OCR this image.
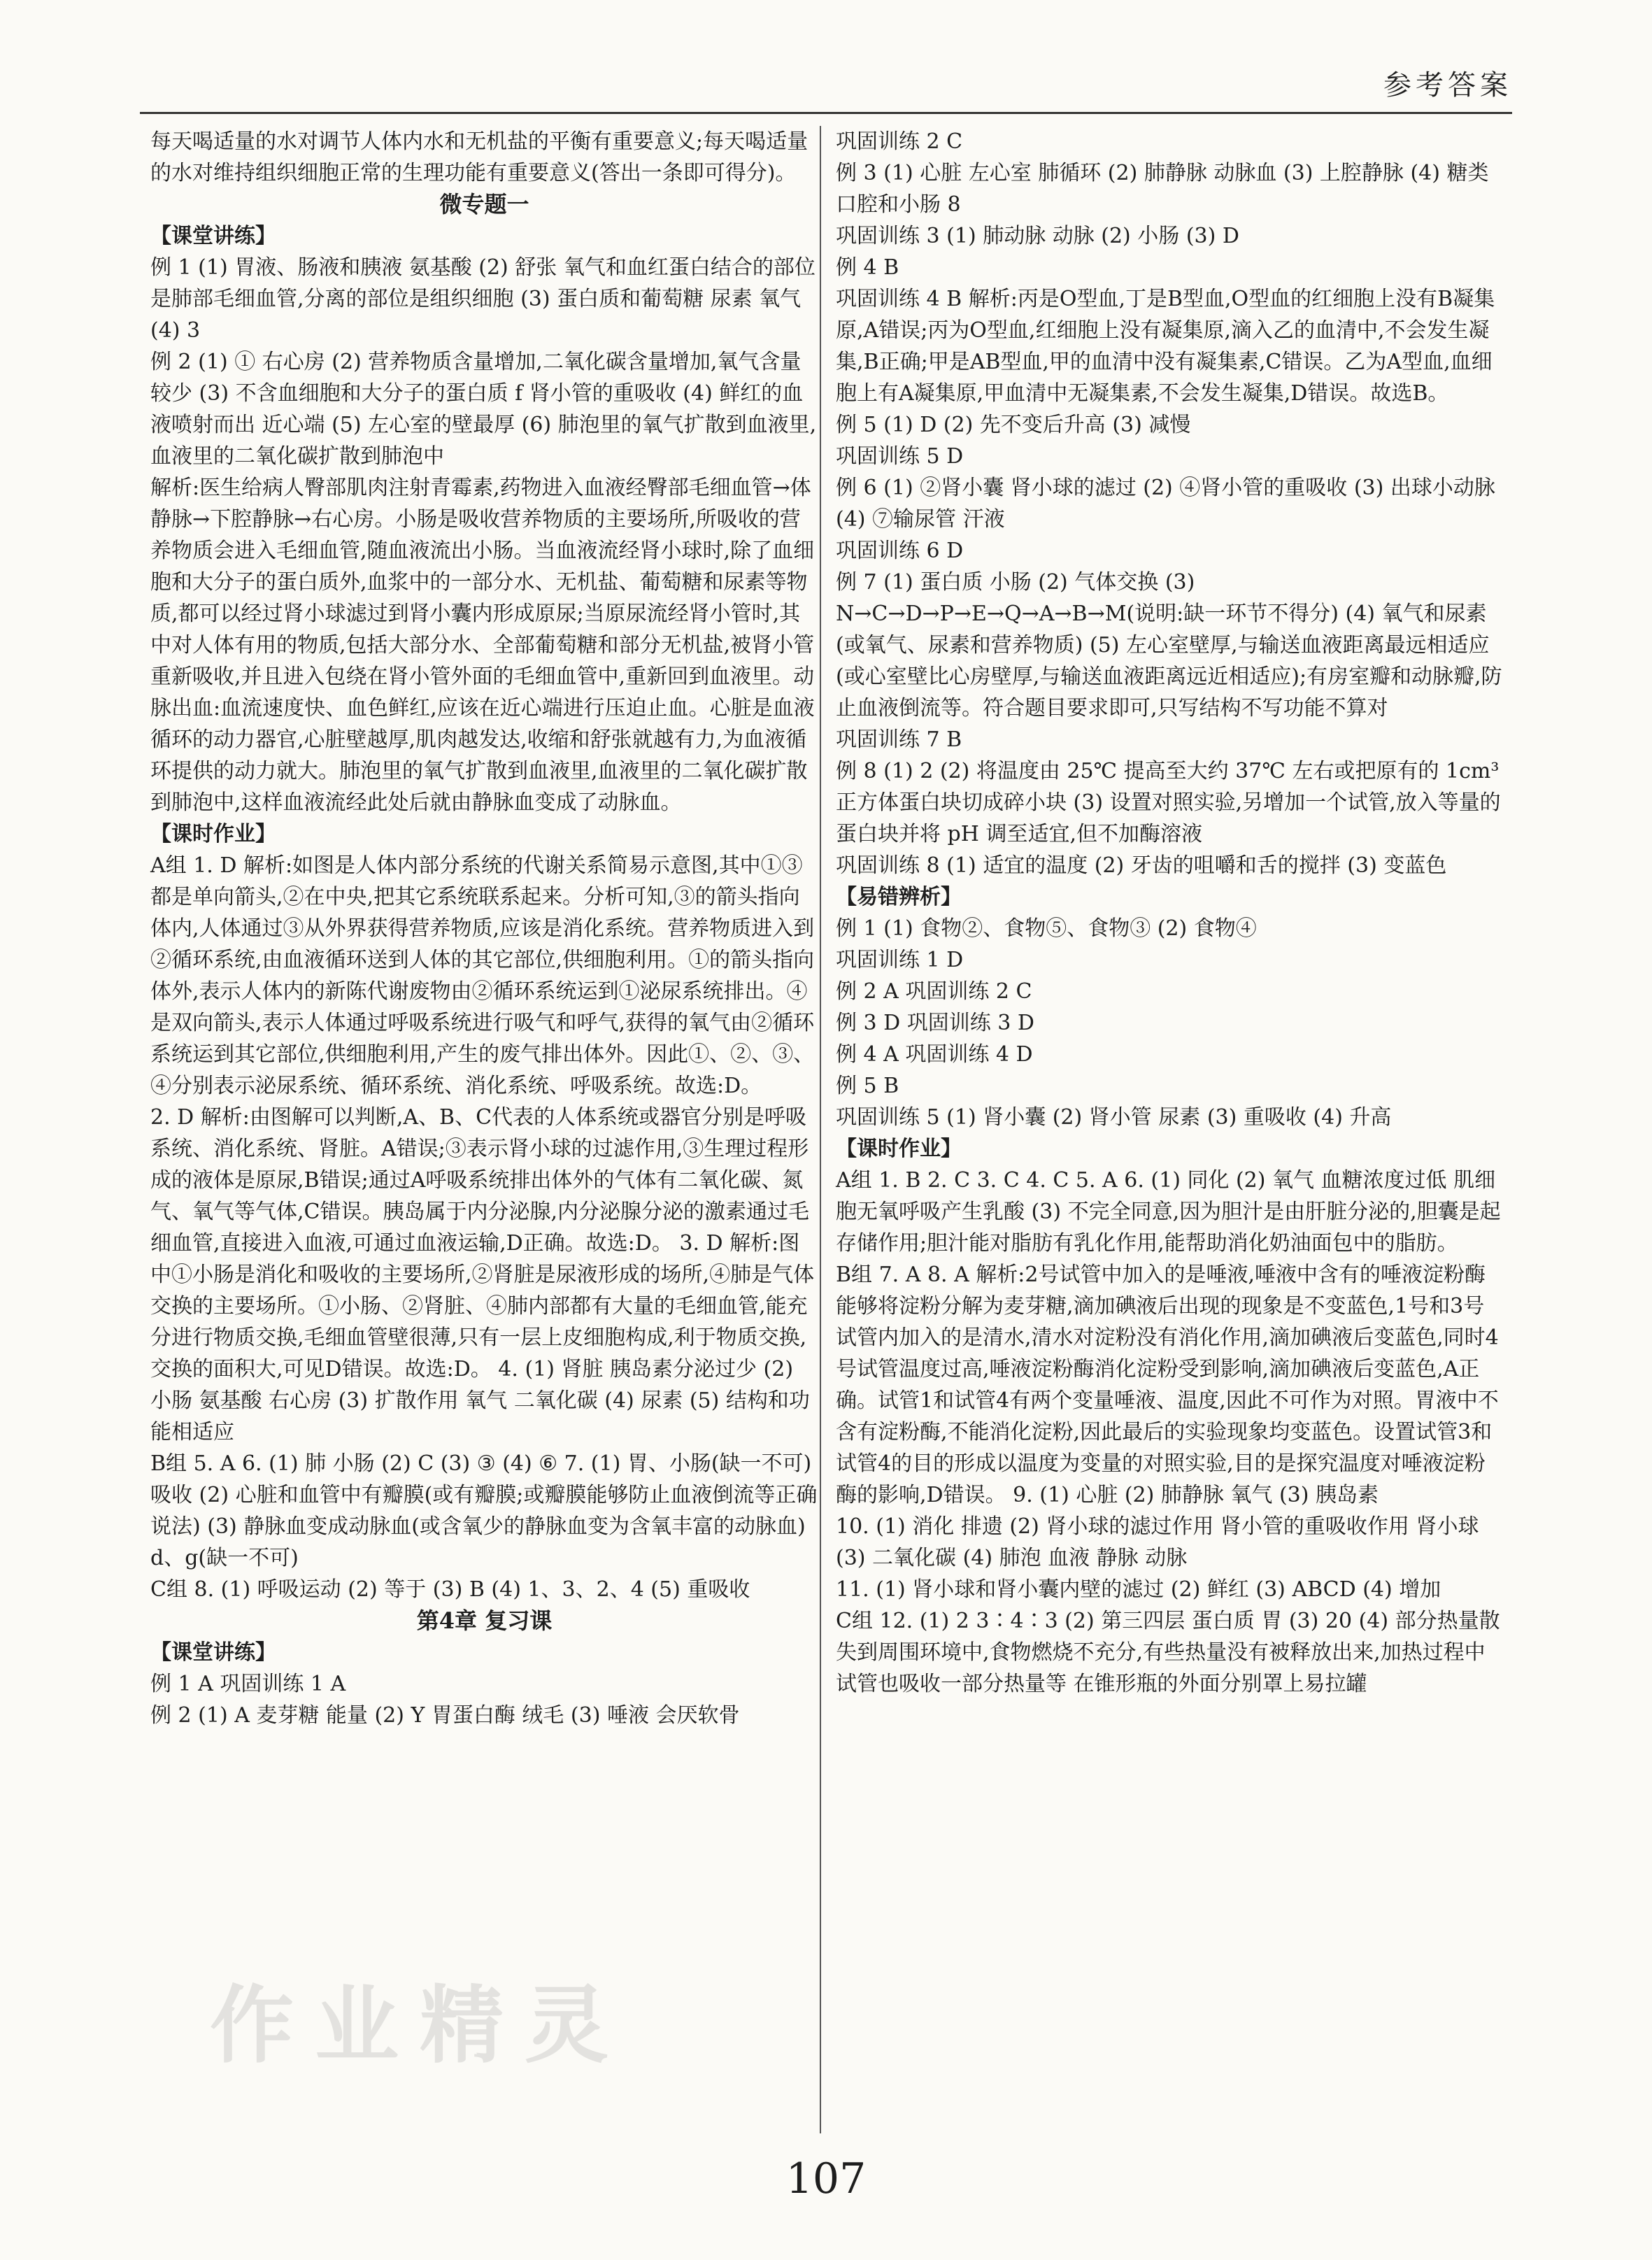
参考答案

每天喝适量的水对调节人体内水和无机盐的平衡有重要意义;每天喝适量的水对维持组织细胞正常的生理功能有重要意义(答出一条即可得分)。

微专题一

【课堂讲练】

例 1 (1) 胃液、肠液和胰液 氨基酸 (2) 舒张 氧气和血红蛋白结合的部位是肺部毛细血管,分离的部位是组织细胞 (3) 蛋白质和葡萄糖 尿素 氧气 (4) 3

例 2 (1) ① 右心房 (2) 营养物质含量增加,二氧化碳含量增加,氧气含量较少 (3) 不含血细胞和大分子的蛋白质 f 肾小管的重吸收 (4) 鲜红的血液喷射而出 近心端 (5) 左心室的壁最厚 (6) 肺泡里的氧气扩散到血液里,血液里的二氧化碳扩散到肺泡中

解析:医生给病人臀部肌肉注射青霉素,药物进入血液经臀部毛细血管→体静脉→下腔静脉→右心房。小肠是吸收营养物质的主要场所,所吸收的营养物质会进入毛细血管,随血液流出小肠。当血液流经肾小球时,除了血细胞和大分子的蛋白质外,血浆中的一部分水、无机盐、葡萄糖和尿素等物质,都可以经过肾小球滤过到肾小囊内形成原尿;当原尿流经肾小管时,其中对人体有用的物质,包括大部分水、全部葡萄糖和部分无机盐,被肾小管重新吸收,并且进入包绕在肾小管外面的毛细血管中,重新回到血液里。动脉出血:血流速度快、血色鲜红,应该在近心端进行压迫止血。心脏是血液循环的动力器官,心脏壁越厚,肌肉越发达,收缩和舒张就越有力,为血液循环提供的动力就大。肺泡里的氧气扩散到血液里,血液里的二氧化碳扩散到肺泡中,这样血液流经此处后就由静脉血变成了动脉血。

【课时作业】

A组 1. D 解析:如图是人体内部分系统的代谢关系简易示意图,其中①③都是单向箭头,②在中央,把其它系统联系起来。分析可知,③的箭头指向体内,人体通过③从外界获得营养物质,应该是消化系统。营养物质进入到②循环系统,由血液循环送到人体的其它部位,供细胞利用。①的箭头指向体外,表示人体内的新陈代谢废物由②循环系统运到①泌尿系统排出。④是双向箭头,表示人体通过呼吸系统进行吸气和呼气,获得的氧气由②循环系统运到其它部位,供细胞利用,产生的废气排出体外。因此①、②、③、④分别表示泌尿系统、循环系统、消化系统、呼吸系统。故选:D。

2. D 解析:由图解可以判断,A、B、C代表的人体系统或器官分别是呼吸系统、消化系统、肾脏。A错误;③表示肾小球的过滤作用,③生理过程形成的液体是原尿,B错误;通过A呼吸系统排出体外的气体有二氧化碳、氮气、氧气等气体,C错误。胰岛属于内分泌腺,内分泌腺分泌的激素通过毛细血管,直接进入血液,可通过血液运输,D正确。故选:D。 3. D 解析:图中①小肠是消化和吸收的主要场所,②肾脏是尿液形成的场所,④肺是气体交换的主要场所。①小肠、②肾脏、④肺内部都有大量的毛细血管,能充分进行物质交换,毛细血管壁很薄,只有一层上皮细胞构成,利于物质交换,交换的面积大,可见D错误。故选:D。 4. (1) 肾脏 胰岛素分泌过少 (2) 小肠 氨基酸 右心房 (3) 扩散作用 氧气 二氧化碳 (4) 尿素 (5) 结构和功能相适应

B组 5. A 6. (1) 肺 小肠 (2) C (3) ③ (4) ⑥ 7. (1) 胃、小肠(缺一不可) 吸收 (2) 心脏和血管中有瓣膜(或有瓣膜;或瓣膜能够防止血液倒流等正确说法) (3) 静脉血变成动脉血(或含氧少的静脉血变为含氧丰富的动脉血) d、g(缺一不可)

C组 8. (1) 呼吸运动 (2) 等于 (3) B (4) 1、3、2、4 (5) 重吸收

第4章 复习课

【课堂讲练】

例 1 A 巩固训练 1 A

例 2 (1) A 麦芽糖 能量 (2) Y 胃蛋白酶 绒毛 (3) 唾液 会厌软骨

巩固训练 2 C

例 3 (1) 心脏 左心室 肺循环 (2) 肺静脉 动脉血 (3) 上腔静脉 (4) 糖类 口腔和小肠 8

巩固训练 3 (1) 肺动脉 动脉 (2) 小肠 (3) D

例 4 B

巩固训练 4 B 解析:丙是O型血,丁是B型血,O型血的红细胞上没有B凝集原,A错误;丙为O型血,红细胞上没有凝集原,滴入乙的血清中,不会发生凝集,B正确;甲是AB型血,甲的血清中没有凝集素,C错误。乙为A型血,血细胞上有A凝集原,甲血清中无凝集素,不会发生凝集,D错误。故选B。

例 5 (1) D (2) 先不变后升高 (3) 减慢

巩固训练 5 D

例 6 (1) ②肾小囊 肾小球的滤过 (2) ④肾小管的重吸收 (3) 出球小动脉 (4) ⑦输尿管 汗液

巩固训练 6 D

例 7 (1) 蛋白质 小肠 (2) 气体交换 (3) N→C→D→P→E→Q→A→B→M(说明:缺一环节不得分) (4) 氧气和尿素(或氧气、尿素和营养物质) (5) 左心室壁厚,与输送血液距离最远相适应(或心室壁比心房壁厚,与输送血液距离远近相适应);有房室瓣和动脉瓣,防止血液倒流等。符合题目要求即可,只写结构不写功能不算对

巩固训练 7 B

例 8 (1) 2 (2) 将温度由 25℃ 提高至大约 37℃ 左右或把原有的 1cm³ 正方体蛋白块切成碎小块 (3) 设置对照实验,另增加一个试管,放入等量的蛋白块并将 pH 调至适宜,但不加酶溶液

巩固训练 8 (1) 适宜的温度 (2) 牙齿的咀嚼和舌的搅拌 (3) 变蓝色

【易错辨析】

例 1 (1) 食物②、食物⑤、食物③ (2) 食物④

巩固训练 1 D

例 2 A 巩固训练 2 C

例 3 D 巩固训练 3 D

例 4 A 巩固训练 4 D

例 5 B

巩固训练 5 (1) 肾小囊 (2) 肾小管 尿素 (3) 重吸收 (4) 升高

【课时作业】

A组 1. B 2. C 3. C 4. C 5. A 6. (1) 同化 (2) 氧气 血糖浓度过低 肌细胞无氧呼吸产生乳酸 (3) 不完全同意,因为胆汁是由肝脏分泌的,胆囊是起存储作用;胆汁能对脂肪有乳化作用,能帮助消化奶油面包中的脂肪。

B组 7. A 8. A 解析:2号试管中加入的是唾液,唾液中含有的唾液淀粉酶能够将淀粉分解为麦芽糖,滴加碘液后出现的现象是不变蓝色,1号和3号试管内加入的是清水,清水对淀粉没有消化作用,滴加碘液后变蓝色,同时4号试管温度过高,唾液淀粉酶消化淀粉受到影响,滴加碘液后变蓝色,A正确。试管1和试管4有两个变量唾液、温度,因此不可作为对照。胃液中不含有淀粉酶,不能消化淀粉,因此最后的实验现象均变蓝色。设置试管3和试管4的目的形成以温度为变量的对照实验,目的是探究温度对唾液淀粉酶的影响,D错误。 9. (1) 心脏 (2) 肺静脉 氧气 (3) 胰岛素

10. (1) 消化 排遗 (2) 肾小球的滤过作用 肾小管的重吸收作用 肾小球 (3) 二氧化碳 (4) 肺泡 血液 静脉 动脉

11. (1) 肾小球和肾小囊内壁的滤过 (2) 鲜红 (3) ABCD (4) 增加

C组 12. (1) 2 3∶4∶3 (2) 第三四层 蛋白质 胃 (3) 20 (4) 部分热量散失到周围环境中,食物燃烧不充分,有些热量没有被释放出来,加热过程中试管也吸收一部分热量等 在锥形瓶的外面分别罩上易拉罐

作业精灵
107
